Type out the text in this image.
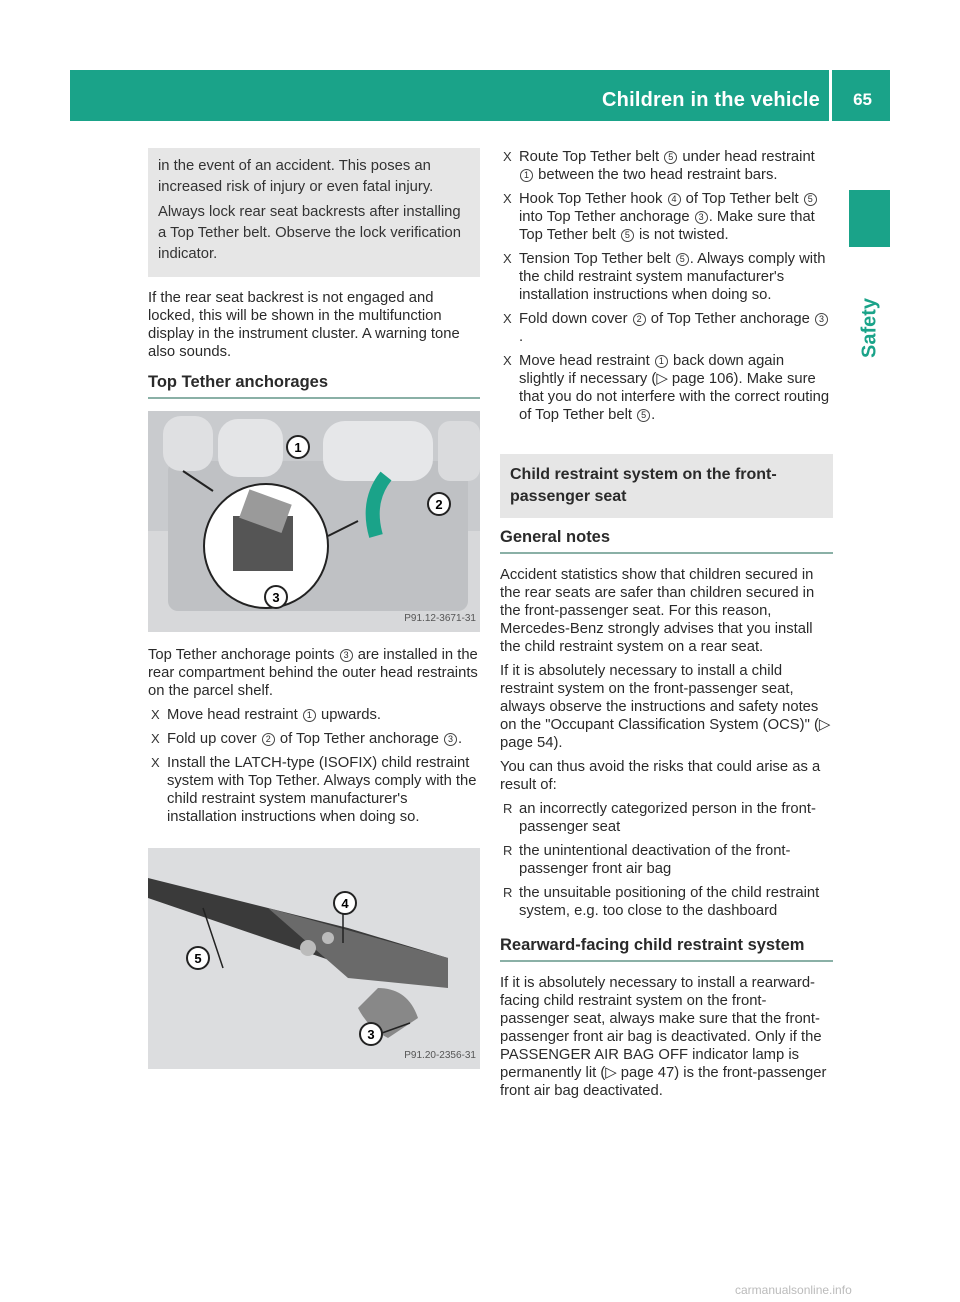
Children in the vehicle 65
Safety

in the event of an accident. This poses an increased risk of injury or even fatal injury.

Always lock rear seat backrests after installing a Top Tether belt. Observe the lock verification indicator.

If the rear seat backrest is not engaged and locked, this will be shown in the multifunction display in the instrument cluster. A warning tone also sounds.

Top Tether anchorages
1
2
3
P91.12-3671-31

Top Tether anchorage points 3 are installed in the rear compartment behind the outer head restraints on the parcel shelf.

X Move head restraint 1 upwards.
X Fold up cover 2 of Top Tether anchorage 3 .
X Install the LATCH-type (ISOFIX) child restraint system with Top Tether. Always comply with the child restraint system manufacturer's installation instructions when doing so.
4
5
3
P91.20-2356-31
X Route Top Tether belt 5 under head restraint 1 between the two head restraint bars.
X Hook Top Tether hook 4 of Top Tether belt 5 into Top Tether anchorage 3 . Make sure that Top Tether belt 5 is not twisted.
X Tension Top Tether belt 5 . Always comply with the child restraint system manufacturer's installation instructions when doing so.
X Fold down cover 2 of Top Tether anchorage 3.
X Move head restraint 1 back down again slightly if necessary (▷ page 106). Make sure that you do not interfere with the correct routing of Top Tether belt 5 .
Child restraint system on the front-passenger seat
General notes

Accident statistics show that children secured in the rear seats are safer than children secured in the front-passenger seat. For this reason, Mercedes-Benz strongly advises that you install the child restraint system on a rear seat.

If it is absolutely necessary to install a child restraint system on the front-passenger seat, always observe the instructions and safety notes on the "Occupant Classification System (OCS)" (▷ page 54).

You can thus avoid the risks that could arise as a result of:

R an incorrectly categorized person in the front-passenger seat
R the unintentional deactivation of the front-passenger front air bag
R the unsuitable positioning of the child restraint system, e.g. too close to the dashboard
Rearward-facing child restraint system

If it is absolutely necessary to install a rearward-facing child restraint system on the front-passenger seat, always make sure that the front-passenger front air bag is deactivated. Only if the PASSENGER AIR BAG OFF indicator lamp is permanently lit (▷ page 47) is the front-passenger front air bag deactivated.

carmanualsonline.info
